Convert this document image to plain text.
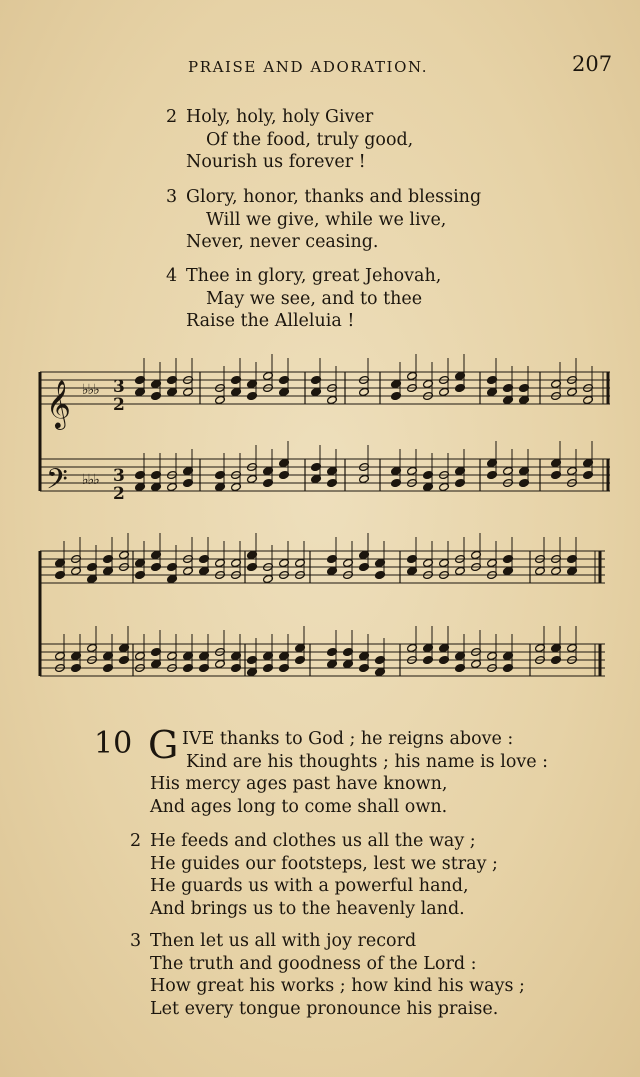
PRAISE AND ADORATION.	207
2 Holy, holy, holy Giver
Of the food, truly good,
Nourish us forever !
3 Glory, honor, thanks and blessing
Will we give, while we live,
Never, never ceasing.
4 Thee in glory, great Jehovah,
May we see, and to thee
Raise the Alleluia !
𝄞
𝄢
♭♭♭
♭♭♭
3
2
3
2
10 G IVE thanks to God ; he reigns above :
Kind are his thoughts ; his name is love :
His mercy ages past have known,
And ages long to come shall own.
2 He feeds and clothes us all the way ;
He guides our footsteps, lest we stray ;
He guards us with a powerful hand,
And brings us to the heavenly land.
3 Then let us all with joy record
The truth and goodness of the Lord :
How great his works ; how kind his ways ;
Let every tongue pronounce his praise.
